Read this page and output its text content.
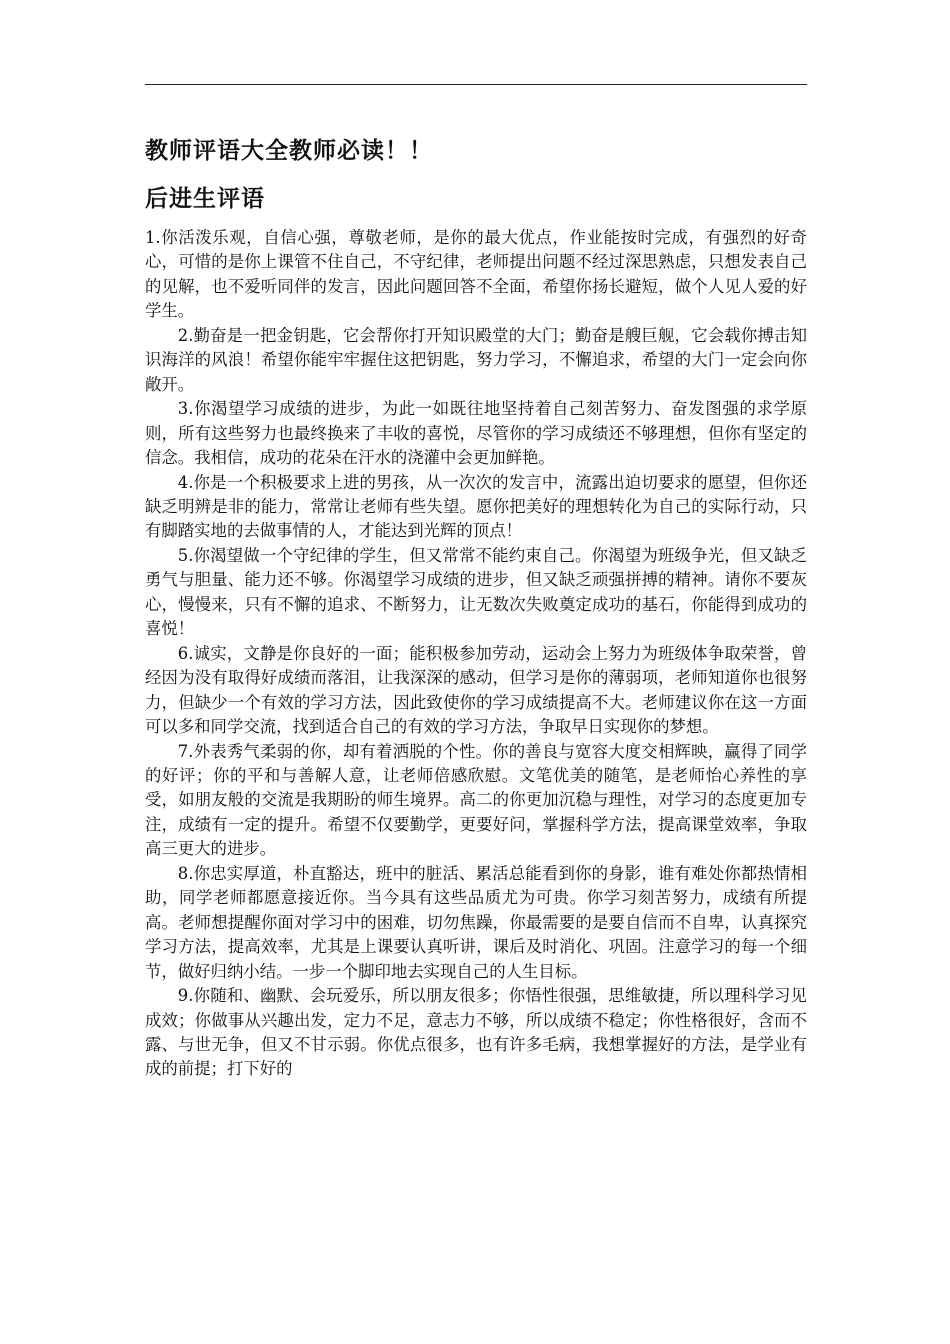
教师评语大全教师必读！！
后进生评语

1.你活泼乐观，自信心强，尊敬老师，是你的最大优点，作业能按时完成，有强烈的好奇心，可惜的是你上课管不住自己，不守纪律，老师提出问题不经过深思熟虑，只想发表自己的见解，也不爱听同伴的发言，因此问题回答不全面，希望你扬长避短，做个人见人爱的好学生。

2.勤奋是一把金钥匙，它会帮你打开知识殿堂的大门；勤奋是艘巨舰，它会载你搏击知识海洋的风浪！希望你能牢牢握住这把钥匙，努力学习，不懈追求，希望的大门一定会向你敞开。

3.你渴望学习成绩的进步，为此一如既往地坚持着自己刻苦努力、奋发图强的求学原则，所有这些努力也最终换来了丰收的喜悦，尽管你的学习成绩还不够理想，但你有坚定的信念。我相信，成功的花朵在汗水的浇灌中会更加鲜艳。

4.你是一个积极要求上进的男孩，从一次次的发言中，流露出迫切要求的愿望，但你还缺乏明辨是非的能力，常常让老师有些失望。愿你把美好的理想转化为自己的实际行动，只有脚踏实地的去做事情的人，才能达到光辉的顶点！

5.你渴望做一个守纪律的学生，但又常常不能约束自己。你渴望为班级争光，但又缺乏勇气与胆量、能力还不够。你渴望学习成绩的进步，但又缺乏顽强拼搏的精神。请你不要灰心，慢慢来，只有不懈的追求、不断努力，让无数次失败奠定成功的基石，你能得到成功的喜悦！

6.诚实，文静是你良好的一面；能积极参加劳动，运动会上努力为班级体争取荣誉，曾经因为没有取得好成绩而落泪，让我深深的感动，但学习是你的薄弱项，老师知道你也很努力，但缺少一个有效的学习方法，因此致使你的学习成绩提高不大。老师建议你在这一方面可以多和同学交流，找到适合自己的有效的学习方法，争取早日实现你的梦想。

7.外表秀气柔弱的你，却有着洒脱的个性。你的善良与宽容大度交相辉映，赢得了同学的好评；你的平和与善解人意，让老师倍感欣慰。文笔优美的随笔，是老师怡心养性的享受，如朋友般的交流是我期盼的师生境界。高二的你更加沉稳与理性，对学习的态度更加专注，成绩有一定的提升。希望不仅要勤学，更要好问，掌握科学方法，提高课堂效率，争取高三更大的进步。

8.你忠实厚道，朴直豁达，班中的脏活、累活总能看到你的身影，谁有难处你都热情相助，同学老师都愿意接近你。当今具有这些品质尤为可贵。你学习刻苦努力，成绩有所提高。老师想提醒你面对学习中的困难，切勿焦躁，你最需要的是要自信而不自卑，认真探究学习方法，提高效率，尤其是上课要认真听讲，课后及时消化、巩固。注意学习的每一个细节，做好归纳小结。一步一个脚印地去实现自己的人生目标。

9.你随和、幽默、会玩爱乐，所以朋友很多；你悟性很强，思维敏捷，所以理科学习见成效；你做事从兴趣出发，定力不足，意志力不够，所以成绩不稳定；你性格很好，含而不露、与世无争，但又不甘示弱。你优点很多，也有许多毛病，我想掌握好的方法，是学业有成的前提；打下好的
